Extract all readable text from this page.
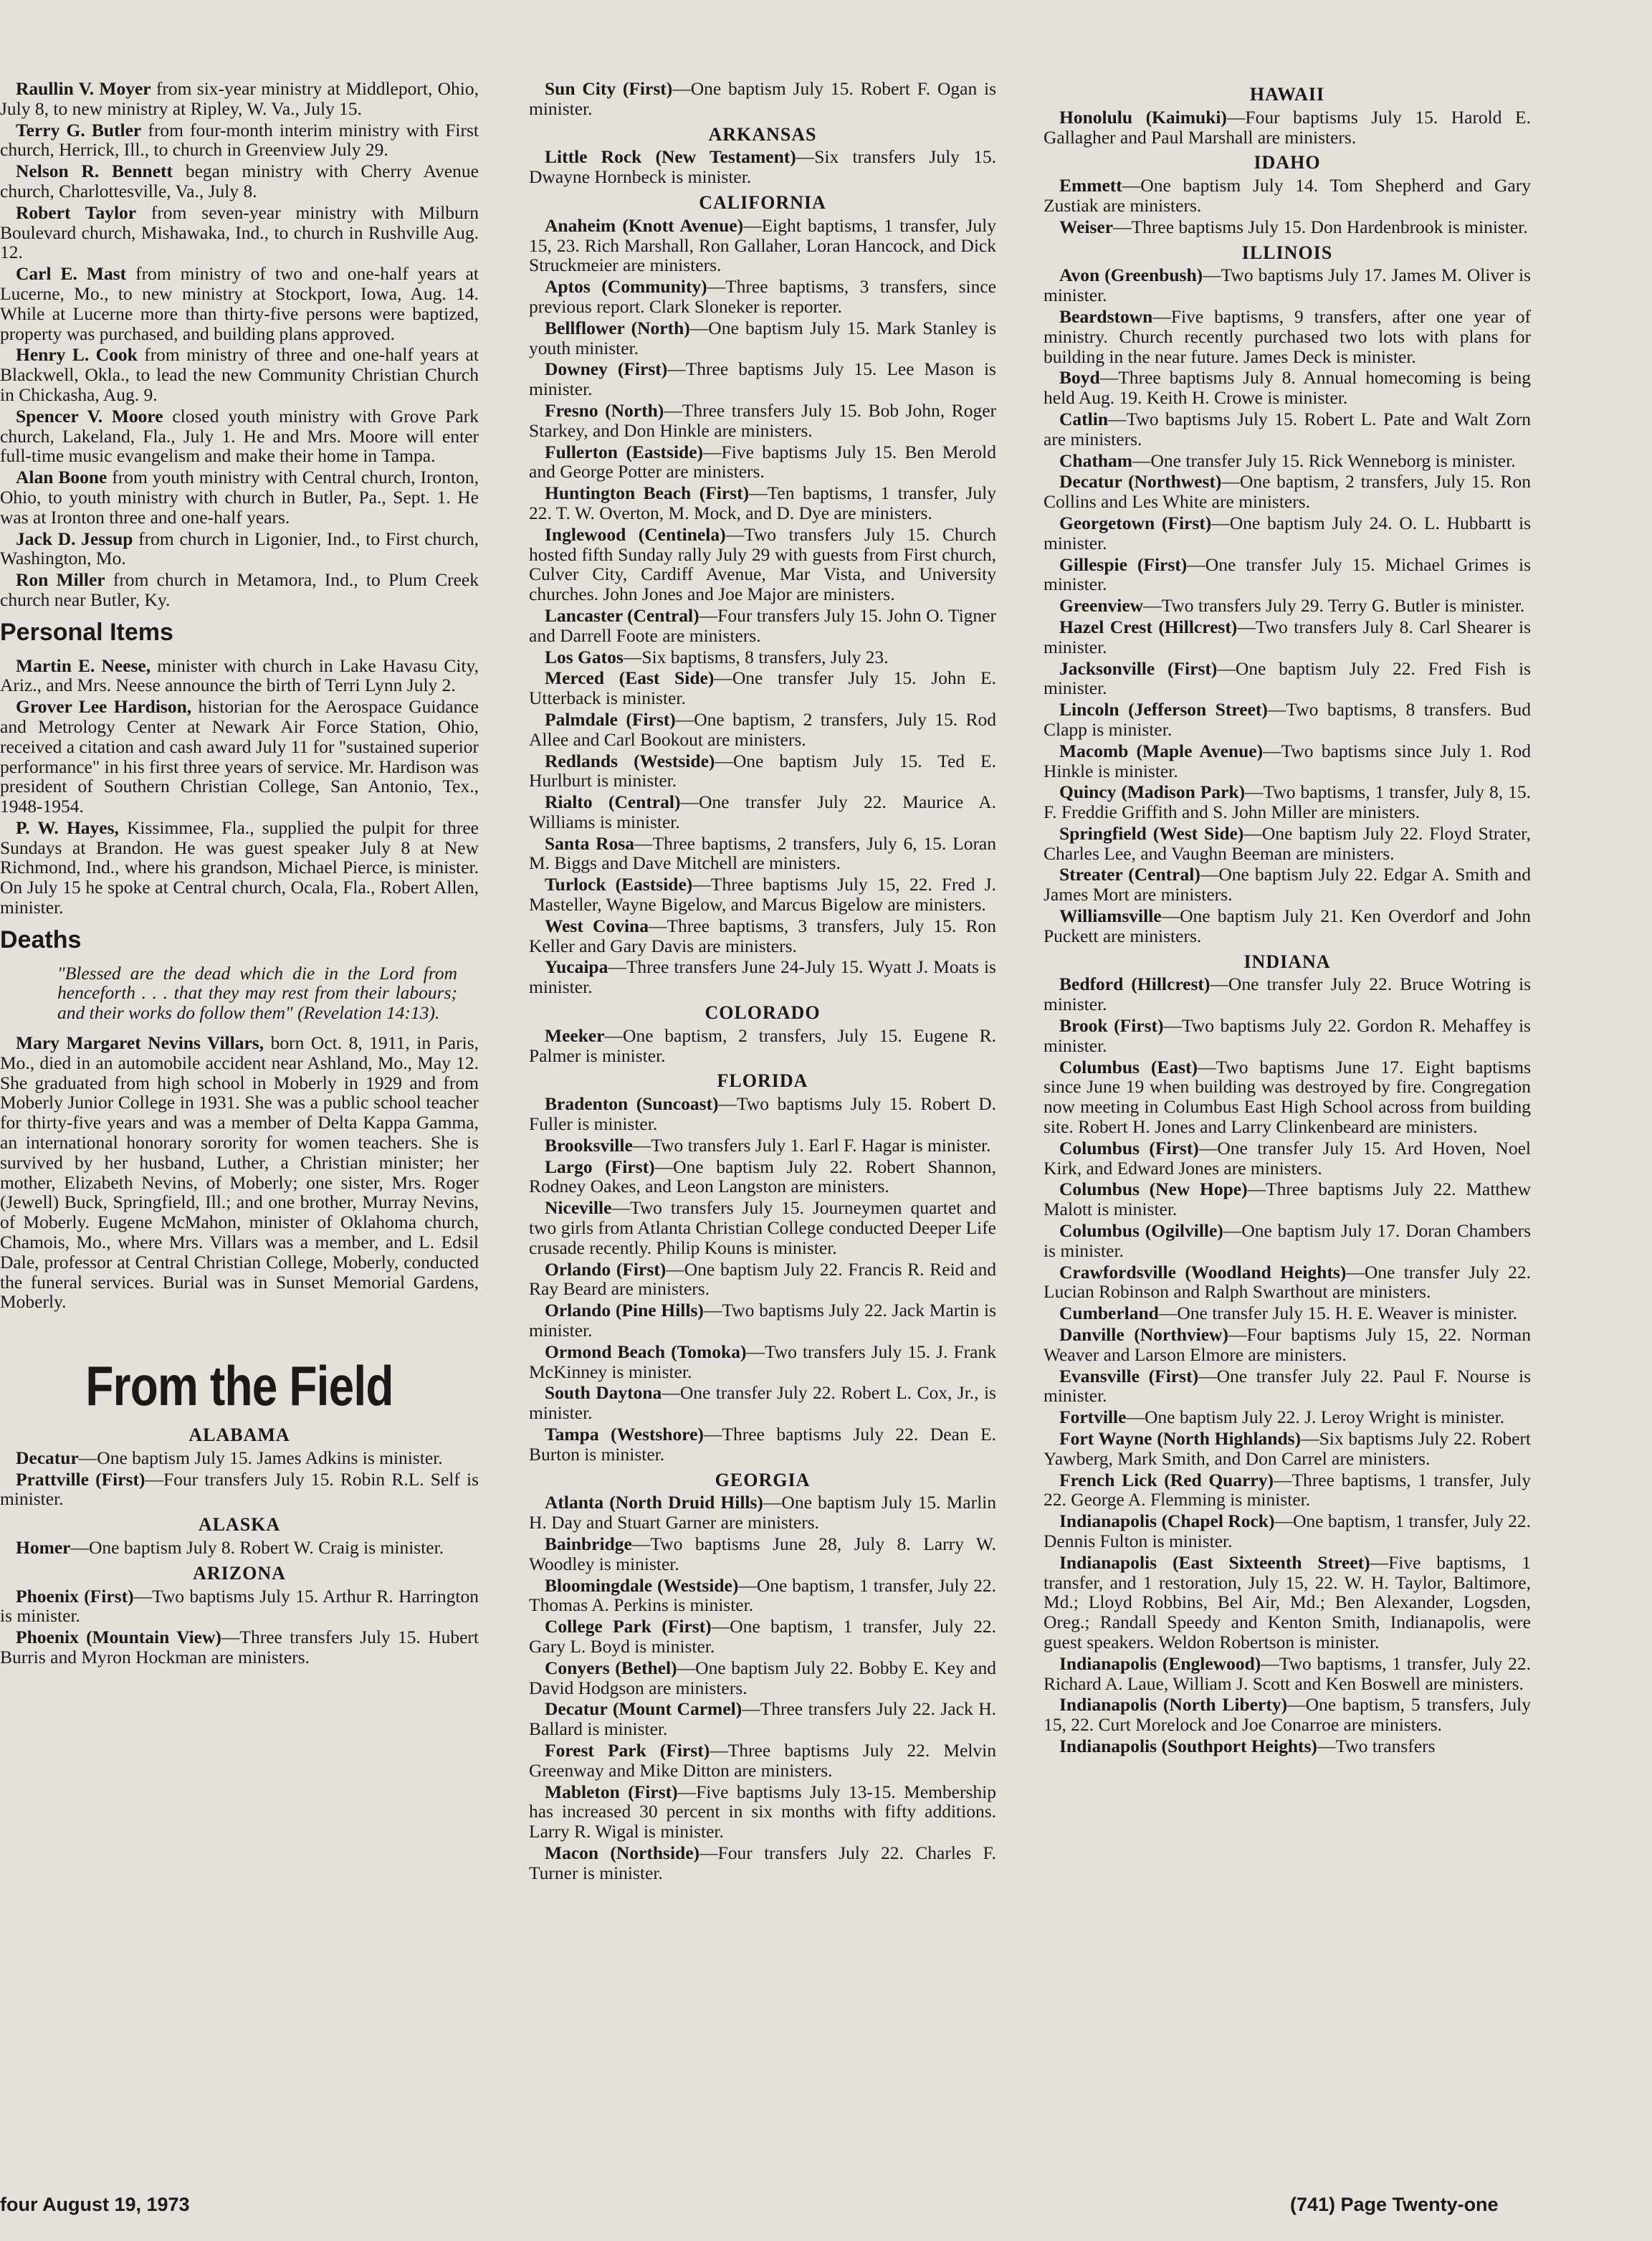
Raullin V. Moyer from six-year ministry at Middleport, Ohio, July 8, to new ministry at Ripley, W. Va., July 15.

Terry G. Butler from four-month interim ministry with First church, Herrick, Ill., to church in Greenview July 29.

Nelson R. Bennett began ministry with Cherry Avenue church, Charlottesville, Va., July 8.

Robert Taylor from seven-year ministry with Milburn Boulevard church, Mishawaka, Ind., to church in Rushville Aug. 12.

Carl E. Mast from ministry of two and one-half years at Lucerne, Mo., to new ministry at Stockport, Iowa, Aug. 14. While at Lucerne more than thirty-five persons were baptized, property was purchased, and building plans approved.

Henry L. Cook from ministry of three and one-half years at Blackwell, Okla., to lead the new Community Christian Church in Chickasha, Aug. 9.

Spencer V. Moore closed youth ministry with Grove Park church, Lakeland, Fla., July 1. He and Mrs. Moore will enter full-time music evangelism and make their home in Tampa.

Alan Boone from youth ministry with Central church, Ironton, Ohio, to youth ministry with church in Butler, Pa., Sept. 1. He was at Ironton three and one-half years.

Jack D. Jessup from church in Ligonier, Ind., to First church, Washington, Mo.

Ron Miller from church in Metamora, Ind., to Plum Creek church near Butler, Ky.

Personal Items

Martin E. Neese, minister with church in Lake Havasu City, Ariz., and Mrs. Neese announce the birth of Terri Lynn July 2.

Grover Lee Hardison, historian for the Aerospace Guidance and Metrology Center at Newark Air Force Station, Ohio, received a citation and cash award July 11 for "sustained superior performance" in his first three years of service. Mr. Hardison was president of Southern Christian College, San Antonio, Tex., 1948-1954.

P. W. Hayes, Kissimmee, Fla., supplied the pulpit for three Sundays at Brandon. He was guest speaker July 8 at New Richmond, Ind., where his grandson, Michael Pierce, is minister. On July 15 he spoke at Central church, Ocala, Fla., Robert Allen, minister.

Deaths
"Blessed are the dead which die in the Lord from henceforth . . . that they may rest from their labours; and their works do follow them" (Revelation 14:13).

Mary Margaret Nevins Villars, born Oct. 8, 1911, in Paris, Mo., died in an automobile accident near Ashland, Mo., May 12. She graduated from high school in Moberly in 1929 and from Moberly Junior College in 1931. She was a public school teacher for thirty-five years and was a member of Delta Kappa Gamma, an international honorary sorority for women teachers. She is survived by her husband, Luther, a Christian minister; her mother, Elizabeth Nevins, of Moberly; one sister, Mrs. Roger (Jewell) Buck, Springfield, Ill.; and one brother, Murray Nevins, of Moberly. Eugene McMahon, minister of Oklahoma church, Chamois, Mo., where Mrs. Villars was a member, and L. Edsil Dale, professor at Central Christian College, Moberly, conducted the funeral services. Burial was in Sunset Memorial Gardens, Moberly.

From the Field
ALABAMA

Decatur—One baptism July 15. James Adkins is minister.

Prattville (First)—Four transfers July 15. Robin R.L. Self is minister.

ALASKA

Homer—One baptism July 8. Robert W. Craig is minister.

ARIZONA

Phoenix (First)—Two baptisms July 15. Arthur R. Harrington is minister.

Phoenix (Mountain View)—Three transfers July 15. Hubert Burris and Myron Hockman are ministers.

Sun City (First)—One baptism July 15. Robert F. Ogan is minister.

ARKANSAS

Little Rock (New Testament)—Six transfers July 15. Dwayne Hornbeck is minister.

CALIFORNIA

Anaheim (Knott Avenue)—Eight baptisms, 1 transfer, July 15, 23. Rich Marshall, Ron Gallaher, Loran Hancock, and Dick Struckmeier are ministers.

Aptos (Community)—Three baptisms, 3 transfers, since previous report. Clark Sloneker is reporter.

Bellflower (North)—One baptism July 15. Mark Stanley is youth minister.

Downey (First)—Three baptisms July 15. Lee Mason is minister.

Fresno (North)—Three transfers July 15. Bob John, Roger Starkey, and Don Hinkle are ministers.

Fullerton (Eastside)—Five baptisms July 15. Ben Merold and George Potter are ministers.

Huntington Beach (First)—Ten baptisms, 1 transfer, July 22. T. W. Overton, M. Mock, and D. Dye are ministers.

Inglewood (Centinela)—Two transfers July 15. Church hosted fifth Sunday rally July 29 with guests from First church, Culver City, Cardiff Avenue, Mar Vista, and University churches. John Jones and Joe Major are ministers.

Lancaster (Central)—Four transfers July 15. John O. Tigner and Darrell Foote are ministers.

Los Gatos—Six baptisms, 8 transfers, July 23.

Merced (East Side)—One transfer July 15. John E. Utterback is minister.

Palmdale (First)—One baptism, 2 transfers, July 15. Rod Allee and Carl Bookout are ministers.

Redlands (Westside)—One baptism July 15. Ted E. Hurlburt is minister.

Rialto (Central)—One transfer July 22. Maurice A. Williams is minister.

Santa Rosa—Three baptisms, 2 transfers, July 6, 15. Loran M. Biggs and Dave Mitchell are ministers.

Turlock (Eastside)—Three baptisms July 15, 22. Fred J. Masteller, Wayne Bigelow, and Marcus Bigelow are ministers.

West Covina—Three baptisms, 3 transfers, July 15. Ron Keller and Gary Davis are ministers.

Yucaipa—Three transfers June 24-July 15. Wyatt J. Moats is minister.

COLORADO

Meeker—One baptism, 2 transfers, July 15. Eugene R. Palmer is minister.

FLORIDA

Bradenton (Suncoast)—Two baptisms July 15. Robert D. Fuller is minister.

Brooksville—Two transfers July 1. Earl F. Hagar is minister.

Largo (First)—One baptism July 22. Robert Shannon, Rodney Oakes, and Leon Langston are ministers.

Niceville—Two transfers July 15. Journeymen quartet and two girls from Atlanta Christian College conducted Deeper Life crusade recently. Philip Kouns is minister.

Orlando (First)—One baptism July 22. Francis R. Reid and Ray Beard are ministers.

Orlando (Pine Hills)—Two baptisms July 22. Jack Martin is minister.

Ormond Beach (Tomoka)—Two transfers July 15. J. Frank McKinney is minister.

South Daytona—One transfer July 22. Robert L. Cox, Jr., is minister.

Tampa (Westshore)—Three baptisms July 22. Dean E. Burton is minister.

GEORGIA

Atlanta (North Druid Hills)—One baptism July 15. Marlin H. Day and Stuart Garner are ministers.

Bainbridge—Two baptisms June 28, July 8. Larry W. Woodley is minister.

Bloomingdale (Westside)—One baptism, 1 transfer, July 22. Thomas A. Perkins is minister.

College Park (First)—One baptism, 1 transfer, July 22. Gary L. Boyd is minister.

Conyers (Bethel)—One baptism July 22. Bobby E. Key and David Hodgson are ministers.

Decatur (Mount Carmel)—Three transfers July 22. Jack H. Ballard is minister.

Forest Park (First)—Three baptisms July 22. Melvin Greenway and Mike Ditton are ministers.

Mableton (First)—Five baptisms July 13-15. Membership has increased 30 percent in six months with fifty additions. Larry R. Wigal is minister.

Macon (Northside)—Four transfers July 22. Charles F. Turner is minister.

HAWAII

Honolulu (Kaimuki)—Four baptisms July 15. Harold E. Gallagher and Paul Marshall are ministers.

IDAHO

Emmett—One baptism July 14. Tom Shepherd and Gary Zustiak are ministers.

Weiser—Three baptisms July 15. Don Hardenbrook is minister.

ILLINOIS

Avon (Greenbush)—Two baptisms July 17. James M. Oliver is minister.

Beardstown—Five baptisms, 9 transfers, after one year of ministry. Church recently purchased two lots with plans for building in the near future. James Deck is minister.

Boyd—Three baptisms July 8. Annual homecoming is being held Aug. 19. Keith H. Crowe is minister.

Catlin—Two baptisms July 15. Robert L. Pate and Walt Zorn are ministers.

Chatham—One transfer July 15. Rick Wenneborg is minister.

Decatur (Northwest)—One baptism, 2 transfers, July 15. Ron Collins and Les White are ministers.

Georgetown (First)—One baptism July 24. O. L. Hubbartt is minister.

Gillespie (First)—One transfer July 15. Michael Grimes is minister.

Greenview—Two transfers July 29. Terry G. Butler is minister.

Hazel Crest (Hillcrest)—Two transfers July 8. Carl Shearer is minister.

Jacksonville (First)—One baptism July 22. Fred Fish is minister.

Lincoln (Jefferson Street)—Two baptisms, 8 transfers. Bud Clapp is minister.

Macomb (Maple Avenue)—Two baptisms since July 1. Rod Hinkle is minister.

Quincy (Madison Park)—Two baptisms, 1 transfer, July 8, 15. F. Freddie Griffith and S. John Miller are ministers.

Springfield (West Side)—One baptism July 22. Floyd Strater, Charles Lee, and Vaughn Beeman are ministers.

Streater (Central)—One baptism July 22. Edgar A. Smith and James Mort are ministers.

Williamsville—One baptism July 21. Ken Overdorf and John Puckett are ministers.

INDIANA

Bedford (Hillcrest)—One transfer July 22. Bruce Wotring is minister.

Brook (First)—Two baptisms July 22. Gordon R. Mehaffey is minister.

Columbus (East)—Two baptisms June 17. Eight baptisms since June 19 when building was destroyed by fire. Congregation now meeting in Columbus East High School across from building site. Robert H. Jones and Larry Clinkenbeard are ministers.

Columbus (First)—One transfer July 15. Ard Hoven, Noel Kirk, and Edward Jones are ministers.

Columbus (New Hope)—Three baptisms July 22. Matthew Malott is minister.

Columbus (Ogilville)—One baptism July 17. Doran Chambers is minister.

Crawfordsville (Woodland Heights)—One transfer July 22. Lucian Robinson and Ralph Swarthout are ministers.

Cumberland—One transfer July 15. H. E. Weaver is minister.

Danville (Northview)—Four baptisms July 15, 22. Norman Weaver and Larson Elmore are ministers.

Evansville (First)—One transfer July 22. Paul F. Nourse is minister.

Fortville—One baptism July 22. J. Leroy Wright is minister.

Fort Wayne (North Highlands)—Six baptisms July 22. Robert Yawberg, Mark Smith, and Don Carrel are ministers.

French Lick (Red Quarry)—Three baptisms, 1 transfer, July 22. George A. Flemming is minister.

Indianapolis (Chapel Rock)—One baptism, 1 transfer, July 22. Dennis Fulton is minister.

Indianapolis (East Sixteenth Street)—Five baptisms, 1 transfer, and 1 restoration, July 15, 22. W. H. Taylor, Baltimore, Md.; Lloyd Robbins, Bel Air, Md.; Ben Alexander, Logsden, Oreg.; Randall Speedy and Kenton Smith, Indianapolis, were guest speakers. Weldon Robertson is minister.

Indianapolis (Englewood)—Two baptisms, 1 transfer, July 22. Richard A. Laue, William J. Scott and Ken Boswell are ministers.

Indianapolis (North Liberty)—One baptism, 5 transfers, July 15, 22. Curt Morelock and Joe Conarroe are ministers.

Indianapolis (Southport Heights)—Two transfers

four August 19, 1973	(741) Page Twenty-one
